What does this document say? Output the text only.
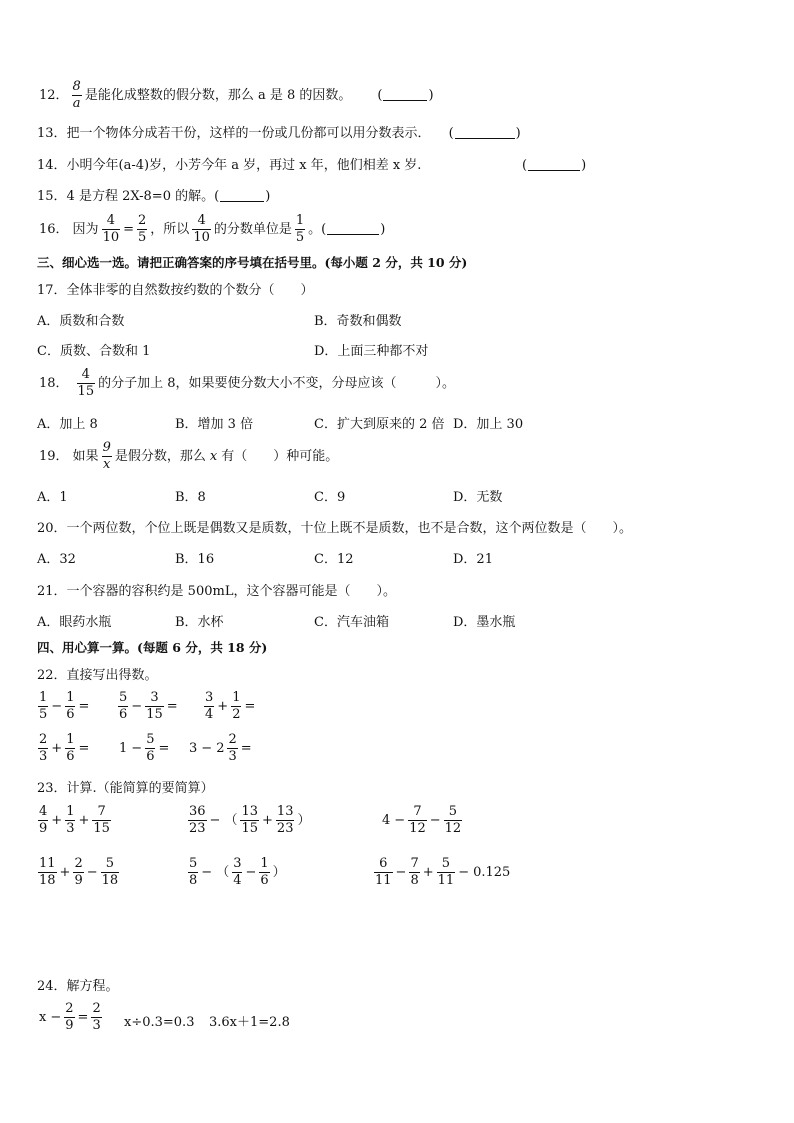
12． $\frac{8}{a}$ 是能化成整数的假分数，那么 a 是 8 的因数。 (	)
13．把一个物体分成若干份，这样的一份或几份都可以用分数表示． (	)
14．小明今年(a-4)岁，小芳今年 a 岁，再过 x 年，他们相差 x 岁.	(	)
15．4 是方程 2X-8=0 的解。(	)
16． 因为 $\frac{4}{10} = \frac{2}{5}$ ，所以 $\frac{4}{10}$ 的分数单位是 $\frac{1}{5}$ 。(	)
三、细心选一选。请把正确答案的序号填在括号里。(每小题 2 分，共 10 分)
17．全体非零的自然数按约数的个数分（　　）
A．质数和合数	B．奇数和偶数
C．质数、合数和 1	D．上面三种都不对
18． $\frac{4}{15}$ 的分子加上 8，如果要使分数大小不变，分母应该（　　　）。
A．加上 8	B．增加 3 倍	C．扩大到原来的 2 倍 D．加上 30
19． 如果 $\frac{9}{x}$ 是假分数，那么 x 有（　　）种可能。
A．1	B．8	C．9	D．无数
20．一个两位数，个位上既是偶数又是质数，十位上既不是质数，也不是合数，这个两位数是（　　）。
A．32	B．16	C．12	D．21
21．一个容器的容积约是 500mL，这个容器可能是（　　）。
A．眼药水瓶	B．水杯	C．汽车油箱	D．墨水瓶
四、用心算一算。(每题 6 分，共 18 分)
22．直接写出得数。
$\frac{1}{5} - \frac{1}{6} = \frac{5}{6} - \frac{3}{15} = \frac{3}{4} + \frac{1}{2}$ =
$\frac{2}{3} + \frac{1}{6} = 1 - \frac{5}{6} = 3 - 2 \frac{2}{3}$ =
23．计算.（能简算的要简算）
$\frac{4}{9} + \frac{1}{3} + \frac{7}{15}$	$\frac{36}{23}$ − （ $\frac{13}{15} + \frac{13}{23}$ ）	$4 - \frac{7}{12} - \frac{5}{12}$
$\frac{11}{18} + \frac{2}{9} - \frac{5}{18}$	$\frac{5}{8}$ − （ $\frac{3}{4} - \frac{1}{6}$ ）	$\frac{6}{11} - \frac{7}{8} + \frac{5}{11} - 0.125$
24．解方程。
$x - \frac{2}{9} = \frac{2}{3} x\div 0.3=0.3$ 3.6x＋1=2.8
